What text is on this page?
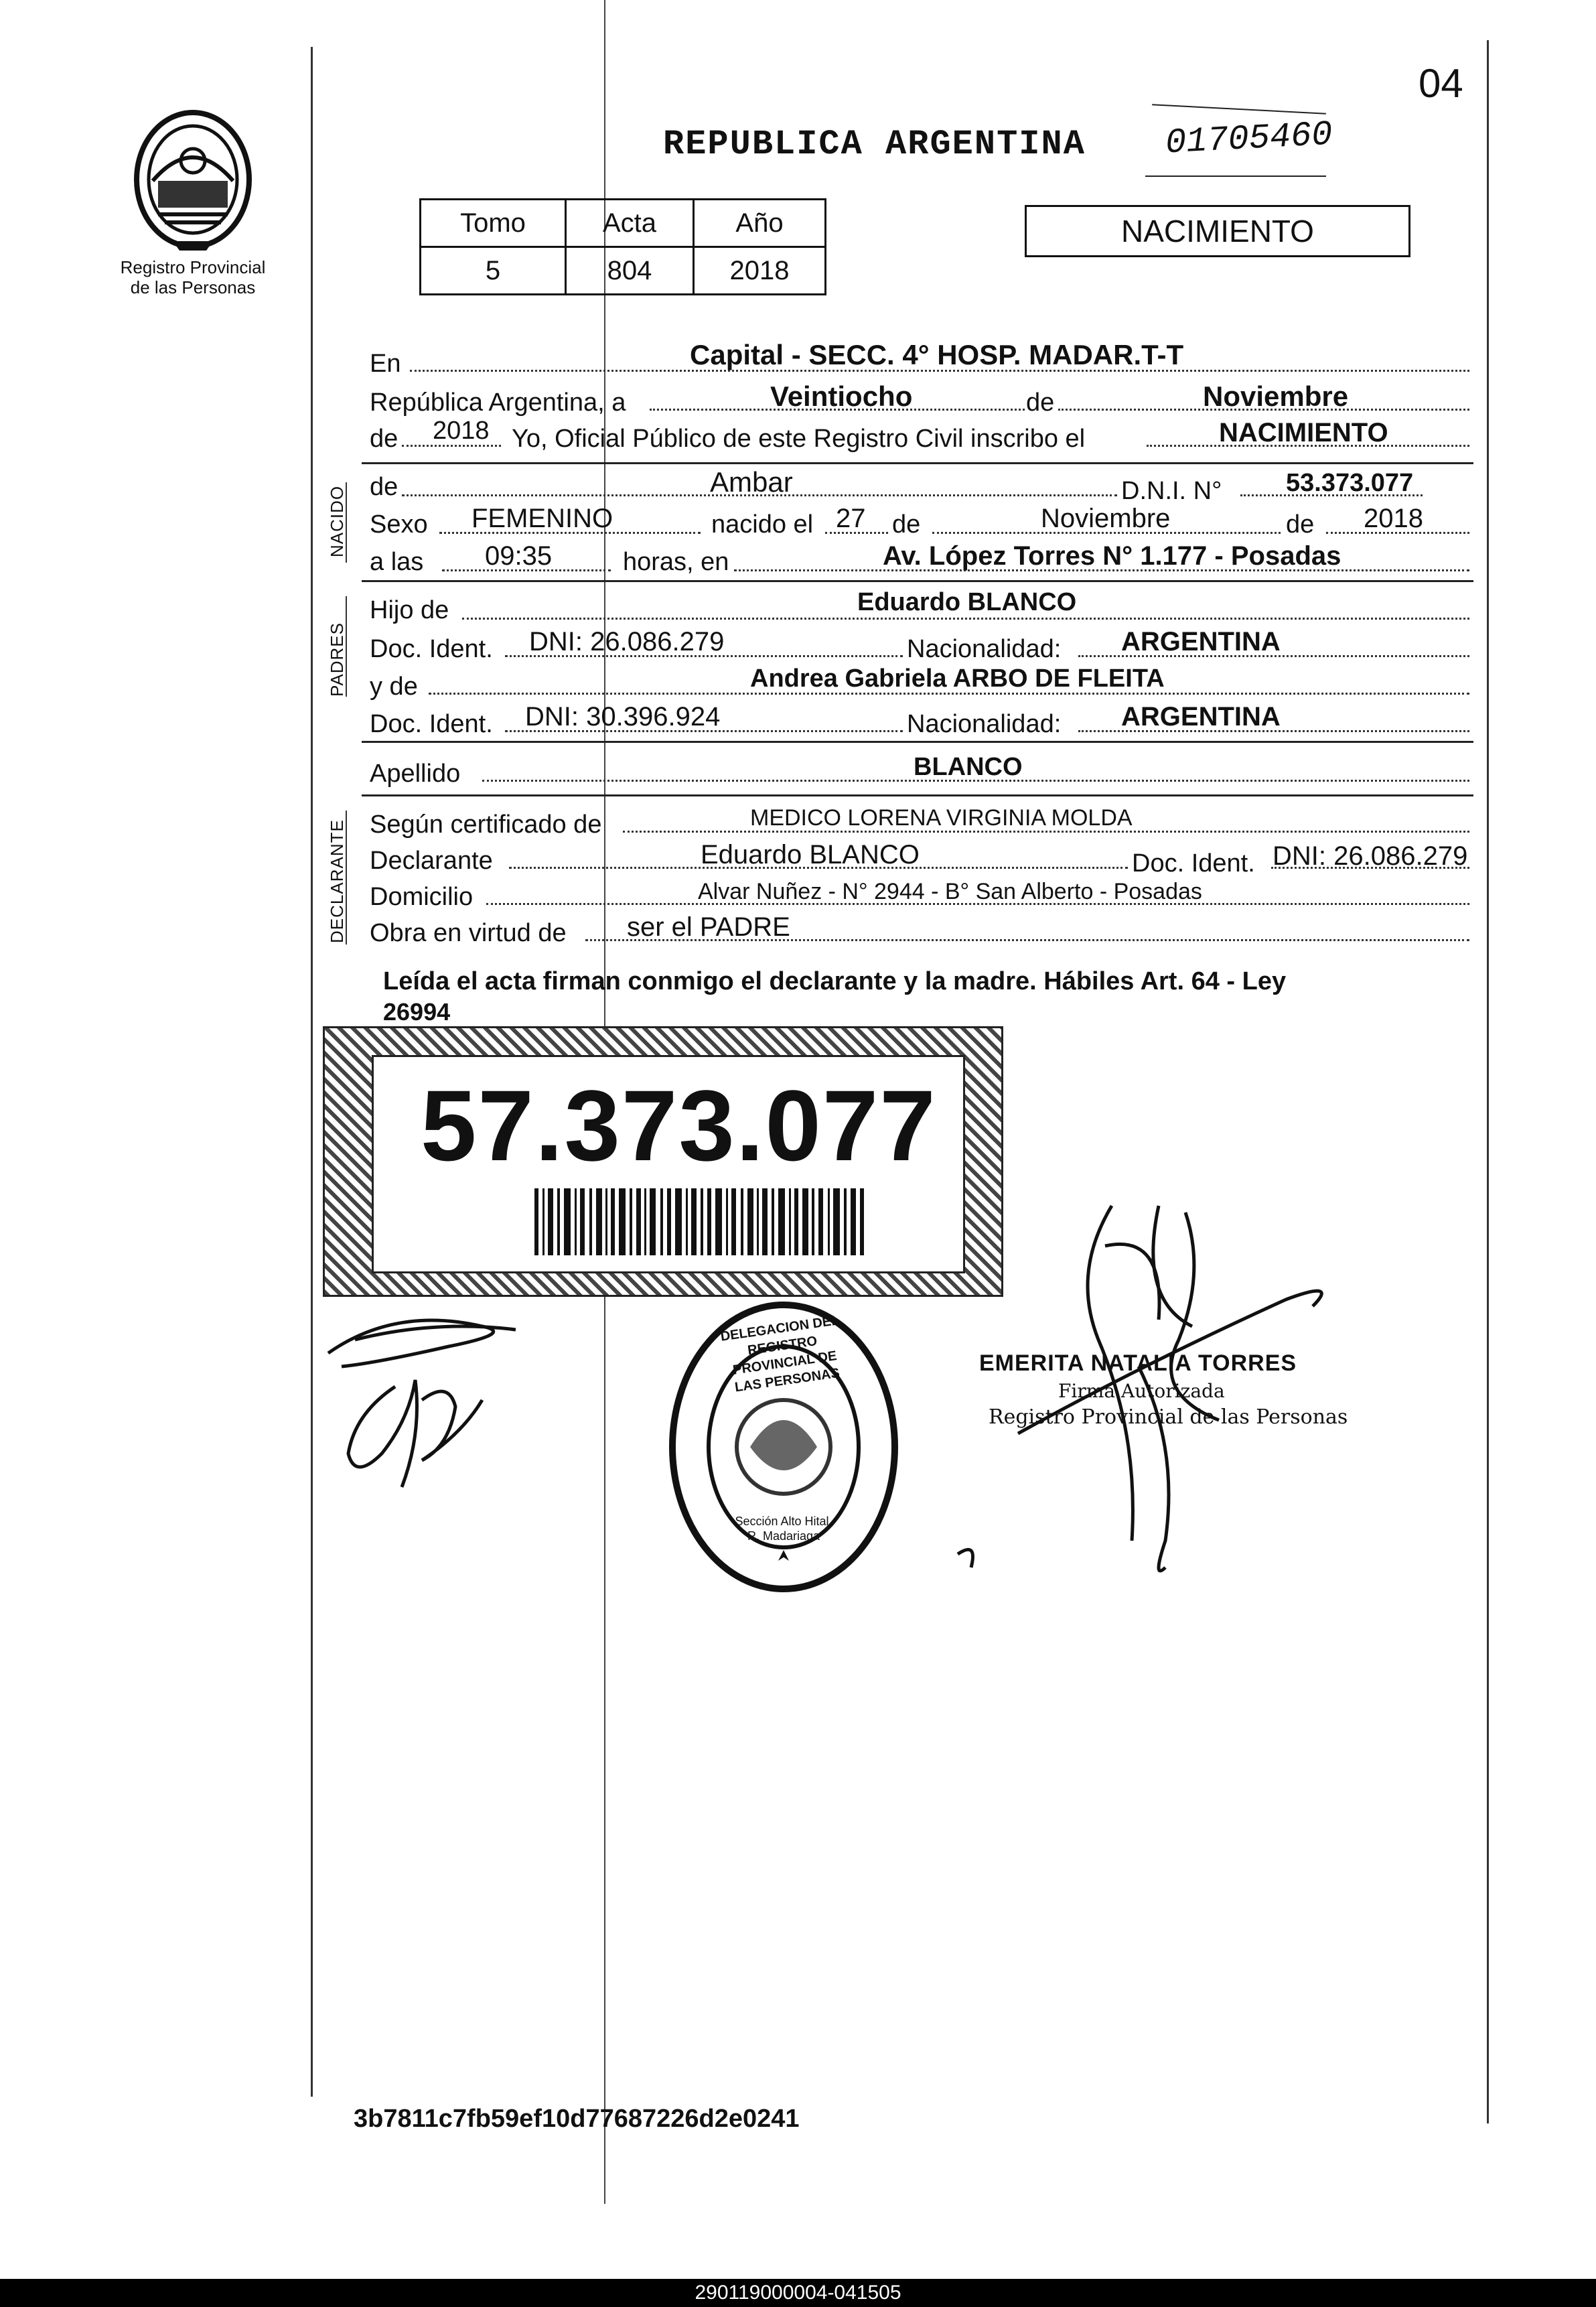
04
Registro Provincial
de las Personas
REPUBLICA ARGENTINA 01705460
NACIMIENTO
Tomo	Acta	Año
5	804	2018
En	Capital - SECC. 4° HOSP. MADAR.T-T
República Argentina, a	Veintiocho	de	Noviembre
de 2018 Yo, Oficial Público de este Registro Civil inscribo el	NACIMIENTO
NACIDO de	Ambar	D.N.I. N°	53.373.077
Sexo FEMENINO	nacido el 27 de	Noviembre	de 2018
a las 09:35	horas, en	Av. López Torres N° 1.177 - Posadas
PADRES
Hijo de	Eduardo BLANCO
Doc. Ident. DNI: 26.086.279	Nacionalidad: ARGENTINA
y de	Andrea Gabriela ARBO DE FLEITA
Doc. Ident. DNI: 30.396.924	Nacionalidad: ARGENTINA
Apellido	BLANCO
DECLARANTE Según certificado de	MEDICO LORENA VIRGINIA MOLDA
Declarante	Eduardo BLANCO	Doc. Ident. DNI: 26.086.279
Domicilio	Alvar Nuñez - N° 2944 - B° San Alberto - Posadas
Obra en virtud de ser el PADRE
Leída el acta firman conmigo el declarante y la madre. Hábiles Art. 64 - Ley
26994
57.373.077
DELEGACION DEL REGISTRO PROVINCIAL DE LAS PERSONAS
Sección Alto Hital. R. Madariaga
EMERITA NATALIA TORRES
Firma Autorizada
Registro Provincial de las Personas
3b7811c7fb59ef10d77687226d2e0241
290119000004-041505
